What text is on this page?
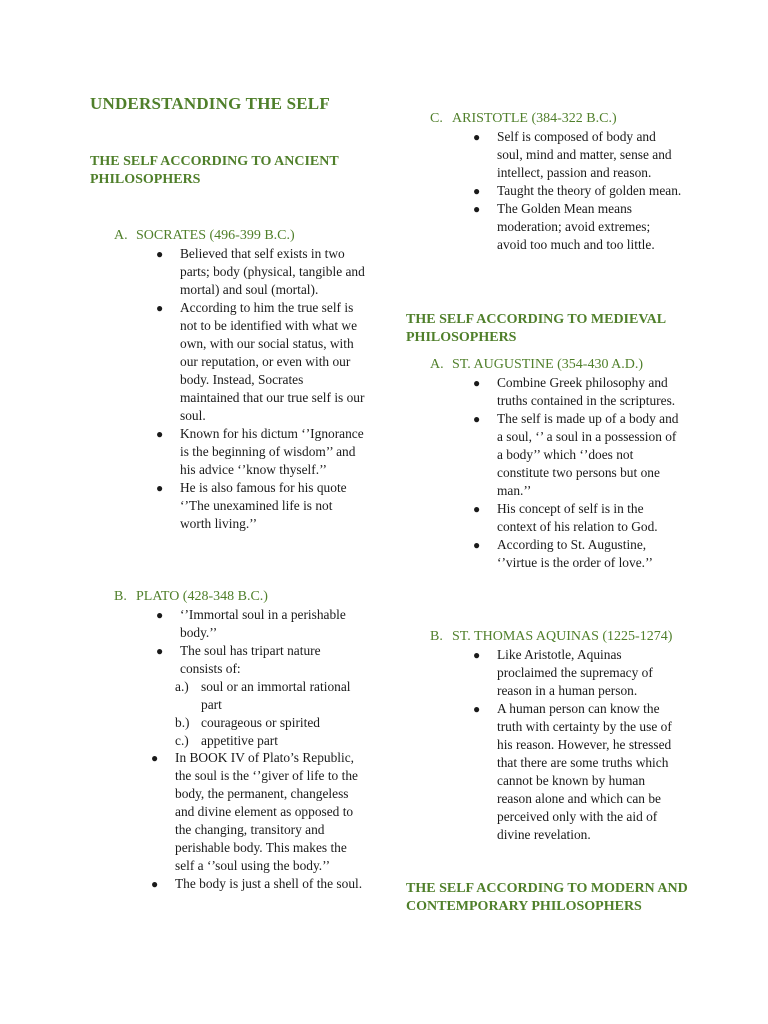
UNDERSTANDING THE SELF
THE SELF ACCORDING TO ANCIENT PHILOSOPHERS
A. SOCRATES (496-399 B.C.)
● Believed that self exists in two parts; body (physical, tangible and mortal) and soul (mortal).
● According to him the true self is not to be identified with what we own, with our social status, with our reputation, or even with our body. Instead, Socrates maintained that our true self is our soul.
● Known for his dictum ‘’Ignorance is the beginning of wisdom’’ and his advice ‘’know thyself.’’
● He is also famous for his quote ‘’The unexamined life is not worth living.’’
B. PLATO (428-348 B.C.)
● ‘’Immortal soul in a perishable body.’’
● The soul has tripart nature consists of:
a.) soul or an immortal rational part
b.) courageous or spirited
c.) appetitive part
● In BOOK IV of Plato’s Republic, the soul is the ‘’giver of life to the body, the permanent, changeless and divine element as opposed to the changing, transitory and perishable body. This makes the self a ‘’soul using the body.’’
● The body is just a shell of the soul.
C. ARISTOTLE (384-322 B.C.)
● Self is composed of body and soul, mind and matter, sense and intellect, passion and reason.
● Taught the theory of golden mean.
● The Golden Mean means moderation; avoid extremes; avoid too much and too little.
THE SELF ACCORDING TO MEDIEVAL PHILOSOPHERS
A. ST. AUGUSTINE (354-430 A.D.)
● Combine Greek philosophy and truths contained in the scriptures.
● The self is made up of a body and a soul, ‘’ a soul in a possession of a body’’ which ‘’does not constitute two persons but one man.’’
● His concept of self is in the context of his relation to God.
● According to St. Augustine, ‘’virtue is the order of love.’’
B. ST. THOMAS AQUINAS (1225-1274)
● Like Aristotle, Aquinas proclaimed the supremacy of reason in a human person.
● A human person can know the truth with certainty by the use of his reason. However, he stressed that there are some truths which cannot be known by human reason alone and which can be perceived only with the aid of divine revelation.
THE SELF ACCORDING TO MODERN AND CONTEMPORARY PHILOSOPHERS
